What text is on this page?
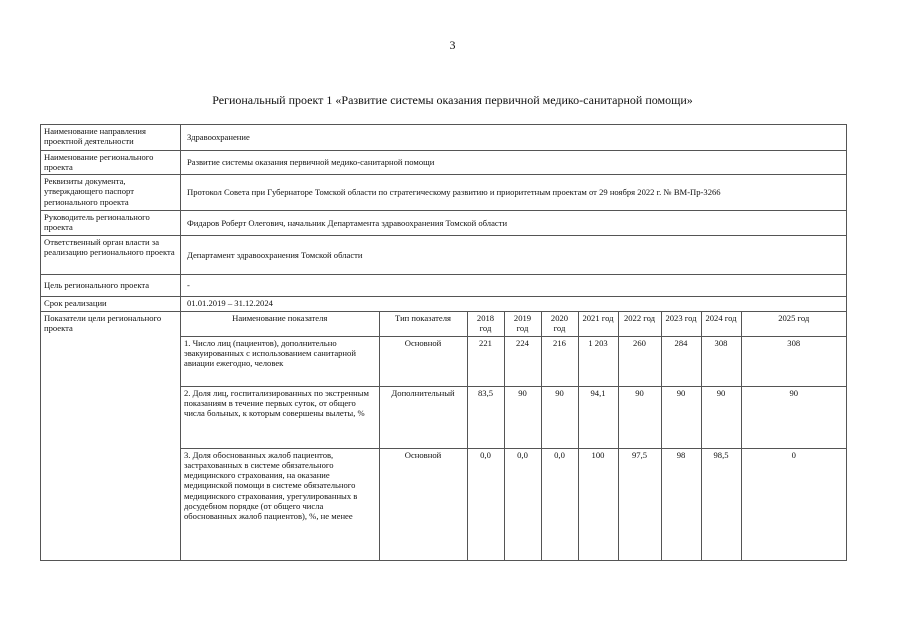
3
Региональный проект 1 «Развитие системы оказания первичной медико-санитарной помощи»
Наименование направления проектной деятельности	Здравоохранение
Наименование регионального проекта	Развитие системы оказания первичной медико-санитарной помощи
Реквизиты документа, утверждающего паспорт регионального проекта	Протокол Совета при Губернаторе Томской области по стратегическому развитию и приоритетным проектам от 29 ноября 2022 г. № ВМ-Пр-3266
Руководитель регионального проекта	Фидаров Роберт Олегович, начальник Департамента здравоохранения Томской области
Ответственный орган власти за реализацию регионального проекта	Департамент здравоохранения Томской области
Цель регионального проекта	-
Срок реализации	01.01.2019 – 31.12.2024
Показатели цели регионального проекта	
Наименование показателя	Тип показателя	2018 год	2019 год	2020 год	2021 год	2022 год	2023 год	2024 год	2025 год
1. Число лиц (пациентов), дополнительно эвакуированных с использованием санитарной авиации ежегодно, человек	Основной	221	224	216	1 203	260	284	308	308
2. Доля лиц, госпитализированных по экстренным показаниям в течение первых суток, от общего числа больных, к которым совершены вылеты, %	Дополнительный	83,5	90	90	94,1	90	90	90	90
3. Доля обоснованных жалоб пациентов, застрахованных в системе обязательного медицинского страхования, на оказание медицинской помощи в системе обязательного медицинского страхования, урегулированных в досудебном порядке (от общего числа обоснованных жалоб пациентов), %, не менее	Основной	0,0	0,0	0,0	100	97,5	98	98,5	0
